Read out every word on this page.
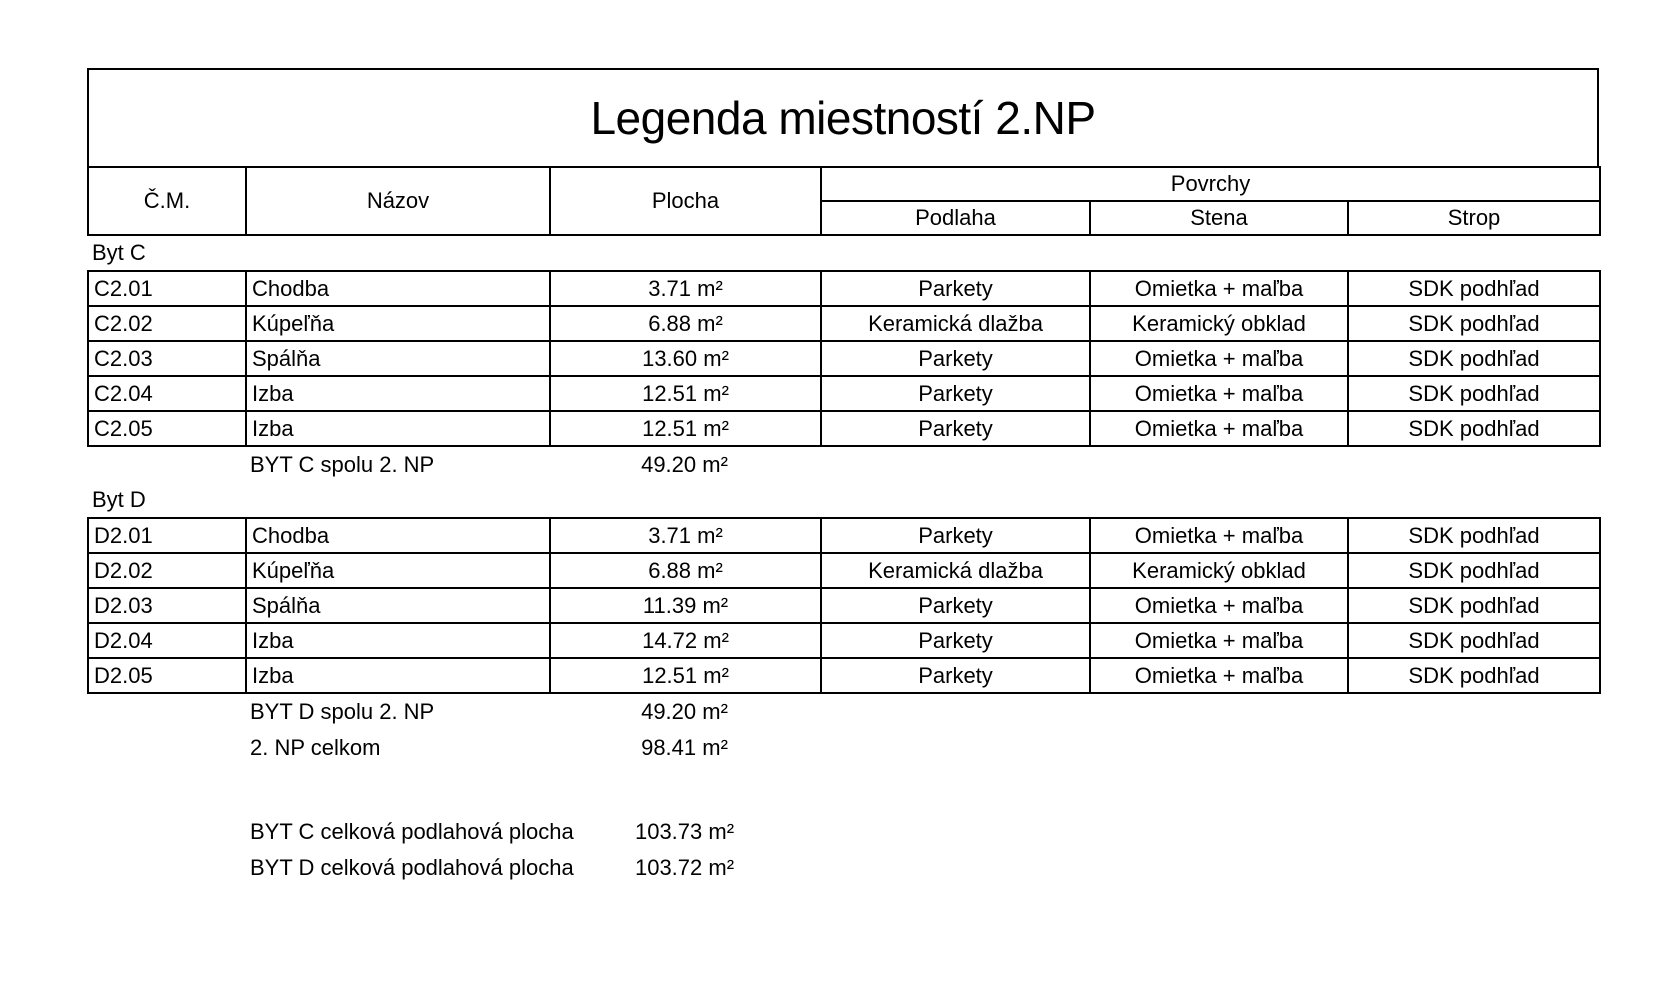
Legenda miestností 2.NP
Č.M.	Názov	Plocha	Povrchy		
			Podlaha	Stena	Strop
Byt C
C2.01	Chodba	3.71 m²	Parkety	Omietka + maľba	SDK podhľad
C2.02	Kúpeľňa	6.88 m²	Keramická dlažba	Keramický obklad	SDK podhľad
C2.03	Spálňa	13.60 m²	Parkety	Omietka + maľba	SDK podhľad
C2.04	Izba	12.51 m²	Parkety	Omietka + maľba	SDK podhľad
C2.05	Izba	12.51 m²	Parkety	Omietka + maľba	SDK podhľad
	BYT C spolu 2. NP	49.20 m²			
Byt D
D2.01	Chodba	3.71 m²	Parkety	Omietka + maľba	SDK podhľad
D2.02	Kúpeľňa	6.88 m²	Keramická dlažba	Keramický obklad	SDK podhľad
D2.03	Spálňa	11.39 m²	Parkety	Omietka + maľba	SDK podhľad
D2.04	Izba	14.72 m²	Parkety	Omietka + maľba	SDK podhľad
D2.05	Izba	12.51 m²	Parkety	Omietka + maľba	SDK podhľad
	BYT D spolu 2. NP	49.20 m²			
	2. NP celkom	98.41 m²			

	BYT C celková podlahová plocha	103.73 m²			
	BYT D celková podlahová plocha	103.72 m²			
